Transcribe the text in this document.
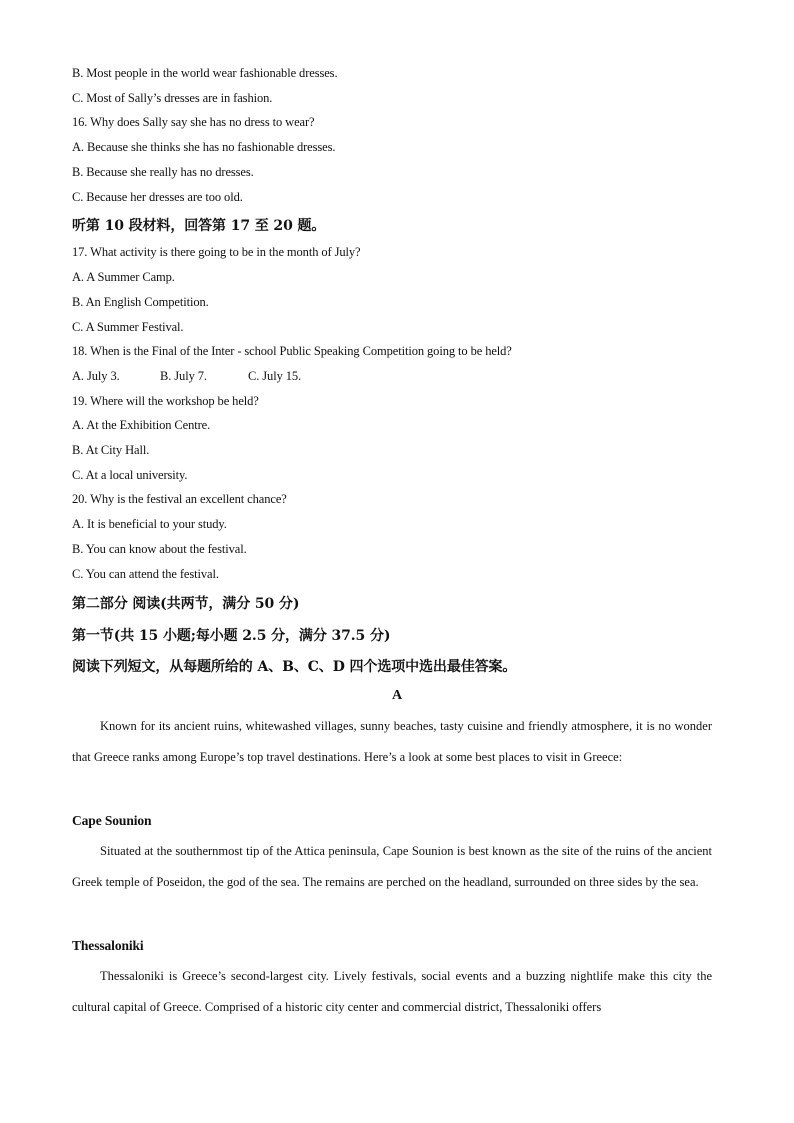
B. Most people in the world wear fashionable dresses.
C. Most of Sally’s dresses are in fashion.
16. Why does Sally say she has no dress to wear?
A. Because she thinks she has no fashionable dresses.
B. Because she really has no dresses.
C. Because her dresses are too old.
听第 10 段材料，回答第 17 至 20 题。
17. What activity is there going to be in the month of July?
A. A Summer Camp.
B. An English Competition.
C. A Summer Festival.
18. When is the Final of the Inter - school Public Speaking Competition going to be held?
A. July 3.	B. July 7.	C. July 15.
19. Where will the workshop be held?
A. At the Exhibition Centre.
B. At City Hall.
C. At a local university.
20. Why is the festival an excellent chance?
A. It is beneficial to your study.
B. You can know about the festival.
C. You can attend the festival.
第二部分 阅读(共两节，满分 50 分)
第一节(共 15 小题;每小题 2.5 分，满分 37.5 分)
阅读下列短文，从每题所给的 A、B、C、D 四个选项中选出最佳答案。
A
Known for its ancient ruins, whitewashed villages, sunny beaches, tasty cuisine and friendly atmosphere, it is no wonder that Greece ranks among Europe’s top travel destinations. Here’s a look at some best places to visit in Greece:
Cape Sounion
Situated at the southernmost tip of the Attica peninsula, Cape Sounion is best known as the site of the ruins of the ancient Greek temple of Poseidon, the god of the sea. The remains are perched on the headland, surrounded on three sides by the sea.
Thessaloniki
Thessaloniki is Greece’s second-largest city. Lively festivals, social events and a buzzing nightlife make this city the cultural capital of Greece. Comprised of a historic city center and commercial district, Thessaloniki offers
